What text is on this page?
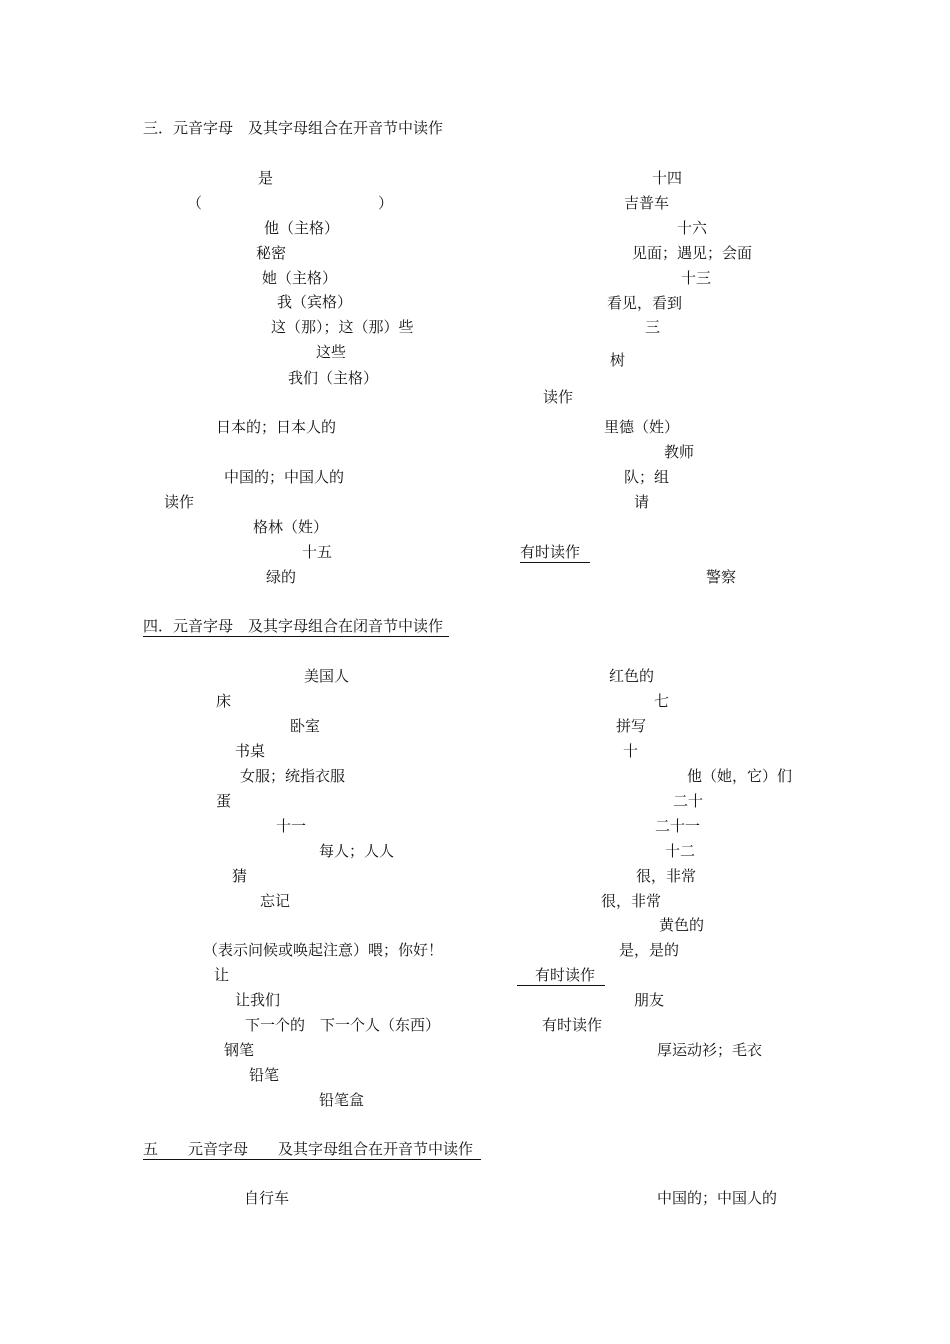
三．元音字母　及其字母组合在开音节中读作
是
（	）
他（主格）
秘密
她（主格）
我（宾格）
这（那）；这（那）些
这些
我们（主格）
日本的；日本人的
中国的；中国人的
读作
格林（姓）
十五
绿的
十四
吉普车
十六
见面；遇见；会面
十三
看见，看到
三
树
读作
里德（姓）
教师
队；组
请
有时读作
警察
四．元音字母　及其字母组合在闭音节中读作
美国人
床
卧室
书桌
女服；统指衣服
蛋
十一
每人；人人
猜
忘记
（表示问候或唤起注意）喂；你好！
让
让我们
下一个的　下一个人（东西）
钢笔
铅笔
铅笔盒
红色的
七
拼写
十
他（她，它）们
二十
二十一
十二
很，非常
很，非常
黄色的
是，是的
有时读作
朋友
有时读作
厚运动衫；毛衣
五　　元音字母　　及其字母组合在开音节中读作
自行车	中国的；中国人的
